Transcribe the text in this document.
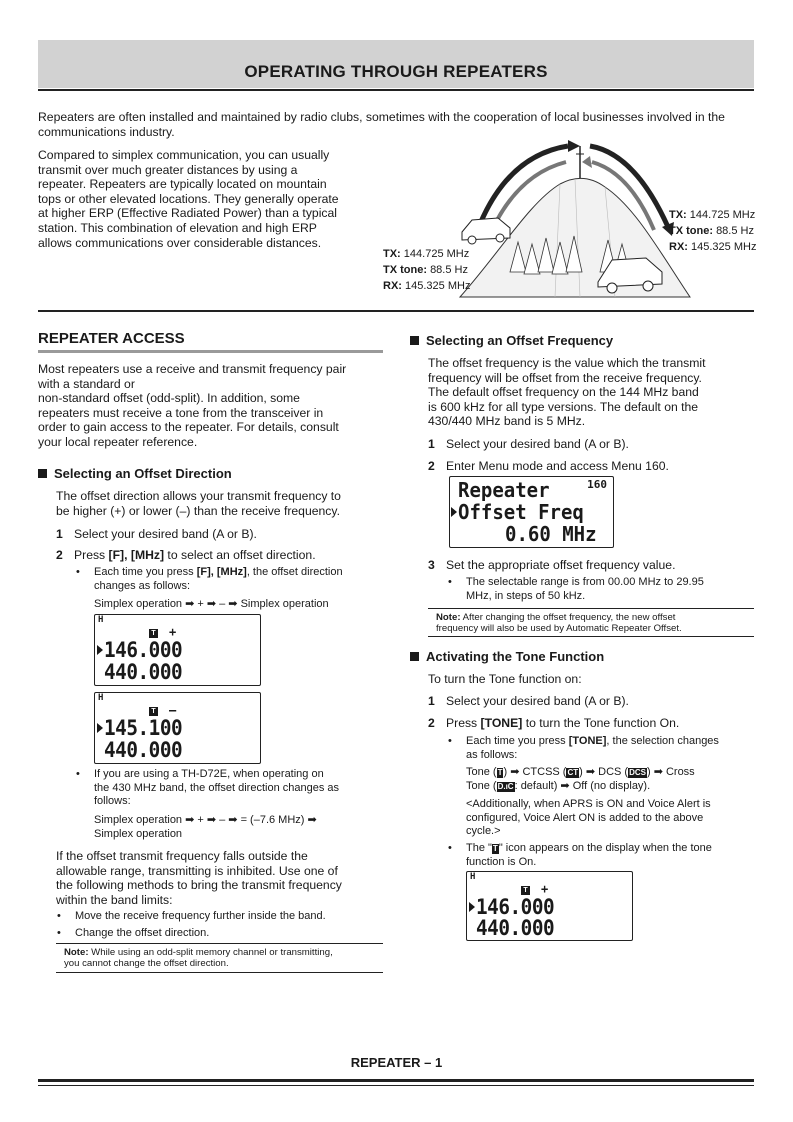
OPERATING THROUGH REPEATERS
Repeaters are often installed and maintained by radio clubs, sometimes with the cooperation of local businesses involved in the communications industry.
Compared to simplex communication, you can usually
transmit over much greater distances by using a
repeater. Repeaters are typically located on mountain
tops or other elevated locations. They generally operate
at higher ERP (Effective Radiated Power) than a typical
station. This combination of elevation and high ERP
allows communications over considerable distances.
TX: 144.725 MHz
TX tone: 88.5 Hz
RX: 145.325 MHz
TX: 144.725 MHz
TX tone: 88.5 Hz
RX: 145.325 MHz
REPEATER ACCESS
Most repeaters use a receive and transmit frequency pair
with a standard or
non-standard offset (odd-split). In addition, some
repeaters must receive a tone from the transceiver in
order to gain access to the repeater. For details, consult
your local repeater reference.
Selecting an Offset Direction
The offset direction allows your transmit frequency to
be higher (+) or lower (–) than the receive frequency.
1 Select your desired band (A or B).
2 Press [F], [MHz] to select an offset direction.
• Each time you press [F], [MHz], the offset direction
changes as follows:
Simplex operation ➡ + ➡ – ➡ Simplex operation
H
T +
146.000
440.000
H
T –
145.100
440.000
• If you are using a TH-D72E, when operating on
the 430 MHz band, the offset direction changes as
follows:
Simplex operation ➡ + ➡ – ➡ = (–7.6 MHz) ➡
Simplex operation
If the offset transmit frequency falls outside the
allowable range, transmitting is inhibited. Use one of
the following methods to bring the transmit frequency
within the band limits:
• Move the receive frequency further inside the band.
• Change the offset direction.
Note: While using an odd-split memory channel or transmitting,
you cannot change the offset direction.
Selecting an Offset Frequency
The offset frequency is the value which the transmit
frequency will be offset from the receive frequency.
The default offset frequency on the 144 MHz band
is 600 kHz for all type versions. The default on the
430/440 MHz band is 5 MHz.
1 Select your desired band (A or B).
2 Enter Menu mode and access Menu 160.
Repeater	160
Offset Freq
0.60 MHz
3 Set the appropriate offset frequency value.
• The selectable range is from 00.00 MHz to 29.95
MHz, in steps of 50 kHz.
Note: After changing the offset frequency, the new offset
frequency will also be used by Automatic Repeater Offset.
Activating the Tone Function
To turn the Tone function on:
1 Select your desired band (A or B).
2 Press [TONE] to turn the Tone function On.
• Each time you press [TONE], the selection changes
as follows:
Tone (T) ➡ CTCSS (CT) ➡ DCS (DCS) ➡ Cross
Tone (D.ıC: default) ➡ Off (no display).
<Additionally, when APRS is ON and Voice Alert is
configured, Voice Alert ON is added to the above
cycle.>
• The "T" icon appears on the display when the tone
function is On.
H
T +
146.000
440.000
REPEATER – 1
